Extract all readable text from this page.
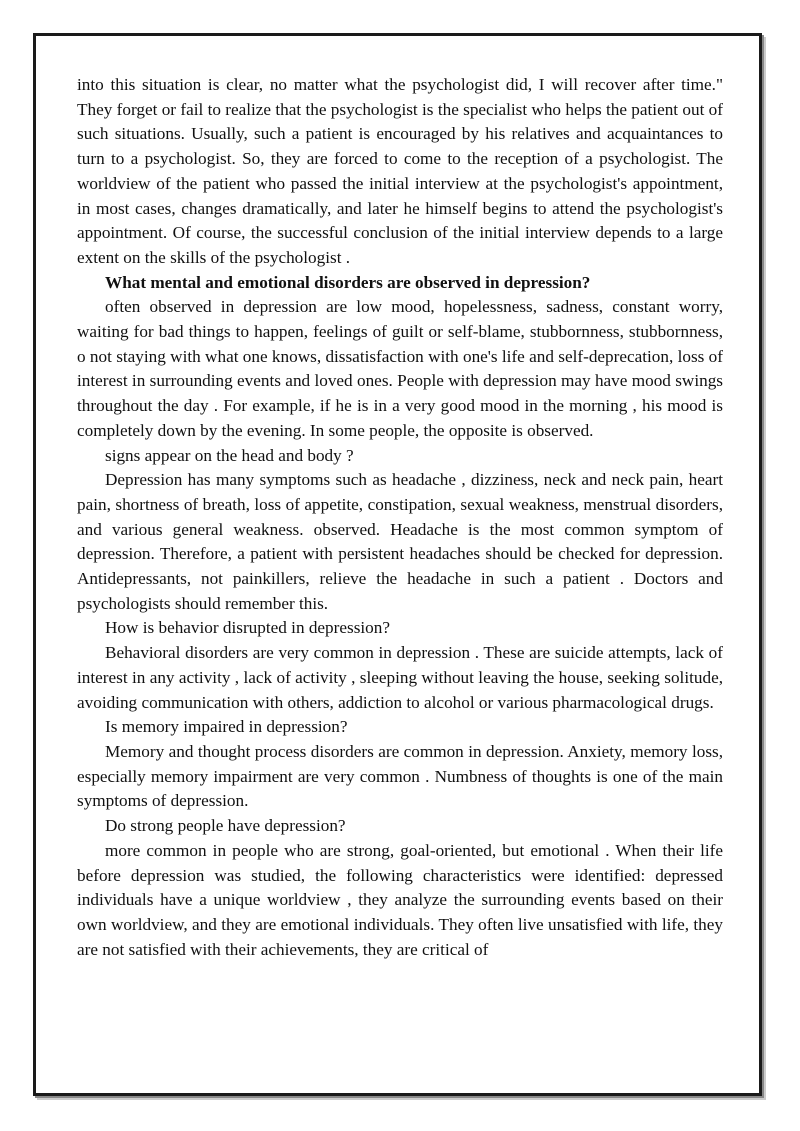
into this situation is clear, no matter what the psychologist did, I will recover after time." They forget or fail to realize that the psychologist is the specialist who helps the patient out of such situations. Usually, such a patient is encouraged by his relatives and acquaintances to turn to a psychologist. So, they are forced to come to the reception of a psychologist. The worldview of the patient who passed the initial interview at the psychologist's appointment, in most cases, changes dramatically, and later he himself begins to attend the psychologist's appointment. Of course, the successful conclusion of the initial interview depends to a large extent on the skills of the psychologist .

What mental and emotional disorders are observed in depression?

often observed in depression are low mood, hopelessness, sadness, constant worry, waiting for bad things to happen, feelings of guilt or self-blame, stubbornness, stubbornness, o not staying with what one knows, dissatisfaction with one's life and self-deprecation, loss of interest in surrounding events and loved ones. People with depression may have mood swings throughout the day . For example, if he is in a very good mood in the morning , his mood is completely down by the evening. In some people, the opposite is observed.

signs appear on the head and body ?

Depression has many symptoms such as headache , dizziness, neck and neck pain, heart pain, shortness of breath, loss of appetite, constipation, sexual weakness, menstrual disorders, and various general weakness. observed. Headache is the most common symptom of depression. Therefore, a patient with persistent headaches should be checked for depression. Antidepressants, not painkillers, relieve the headache in such a patient . Doctors and psychologists should remember this.

How is behavior disrupted in depression?

Behavioral disorders are very common in depression . These are suicide attempts, lack of interest in any activity , lack of activity , sleeping without leaving the house, seeking solitude, avoiding communication with others, addiction to alcohol or various pharmacological drugs.

Is memory impaired in depression?

Memory and thought process disorders are common in depression. Anxiety, memory loss, especially memory impairment are very common . Numbness of thoughts is one of the main symptoms of depression.

Do strong people have depression?

more common in people who are strong, goal-oriented, but emotional . When their life before depression was studied, the following characteristics were identified: depressed individuals have a unique worldview , they analyze the surrounding events based on their own worldview, and they are emotional individuals. They often live unsatisfied with life, they are not satisfied with their achievements, they are critical of
